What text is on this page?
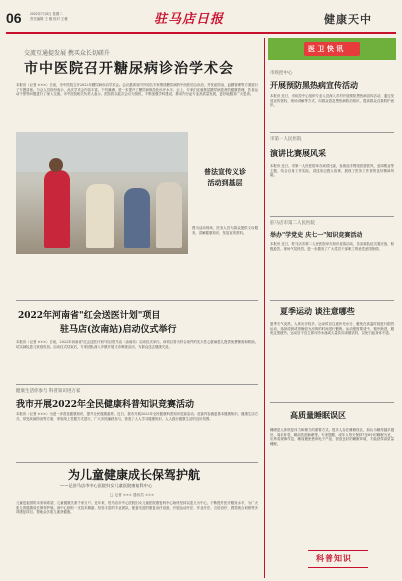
06 2022年7月5日 星期二
责任编辑 王 雅 校对 王雅	驻马店日报	健康天中
交流互通提发展 携买众长切磋升
市中医院召开糖尿病诊治学术会
本报讯（记者 ×××）日前，市中医院召开2022年糖尿病诊治学术会。会议邀请省内外知名专家围绕糖尿病的中西医结合诊治、并发症防治、血糖管理等方面进行了专题讲座。与会人员纷纷表示，此次学术会内容丰富，干货满满，进一步提升了糖尿病规范化诊疗水平。会上，专家们还就基层糖尿病患者的健康管理、饮食运动干预等问题进行了深入交流。市中医院相关负责人表示，医院将以此次会议为契机，不断加强学科建设，推动内分泌专业高质量发展，更好地服务广大患者。
普法宣传义诊
活动到基层
图为活动现场，医务人员为群众提供义诊服务，讲解健康知识，发放宣传资料。
2022年河南省"红会送医计划"项目
驻马店(汝南站)启动仪式举行
本报讯（记者 ×××）日前，2022年河南省"红会送医计划"项目驻马店（汝南站）启动仪式举行。该项目将为符合条件的先天性心脏病患儿提供免费筛查和救助，切实减轻患儿家庭负担。启动仪式结束后，专家团队深入乡镇开展义诊筛查活动，为群众送去健康关爱。
健康生活你参与 科普知识进万家
我市开展2022年全民健康科普知识竞赛活动
本报讯（记者 ×××）为进一步普及健康知识，提升全民健康素养，近日，我市开展2022年全民健康科普知识竞赛活动。竞赛内容涵盖基本健康知识、健康生活方式、常见疾病防治等方面，采取线上答题方式进行，广大市民踊跃参与，营造了人人学习健康知识、人人践行健康生活的良好氛围。
为儿童健康成长保驾护航
——记驻马店市中心医院妇女儿童医院康复科中心
□ 记者 ××× 通讯员 ×××
儿童是祖国的未来和希望，儿童健康关系千家万户。近年来，驻马店市中心医院妇女儿童医院康复科中心始终坚持以患儿为中心，不断提升医疗服务水平，为广大患儿的健康成长保驾护航。该中心拥有一支技术精湛、经验丰富的专业团队，配备先进的康复治疗设备，开展运动疗法、作业疗法、言语治疗、感觉统合训练等多项康复项目，帮助众多患儿重获健康。
医 卫 快 讯
市疾控中心
开展预防黑热病宣传活动
本报讯 近日，市疾控中心组织专业人员深入乡村开展预防黑热病宣传活动，通过发放宣传资料、现场讲解等方式，向群众普及黑热病防治知识，提高群众自我防护意识。
市第一人民医院
演讲比赛展风采
本报讯 近日，市第一人民医院举办演讲比赛，参赛选手围绕医德医风、爱岗敬业等主题，结合自身工作实际，讲述身边感人故事，展现了医务工作者的良好精神风貌。
驻马店市第二人民医院
举办"学党史 庆七一"知识竞赛活动
本报讯 近日，驻马店市第二人民医院举办知识竞赛活动，各参赛队伍沉着应战，积极抢答，现场气氛热烈，进一步激发了广大党员干部职工的爱党爱国热情。
夏季运动 谈注意哪些
夏季天气炎热，人体出汗较多，运动时应注意补充水分，避免在高温时段进行剧烈运动，选择清晨或傍晚较为凉爽的时间进行锻炼。运动强度要适中，循序渐进，避免过度疲劳。运动后不宜立即冲冷水澡或大量饮用冰镇饮料，以免引起身体不适。
高质量睡眠误区
睡眠是人体恢复体力和精力的重要方式。很多人存在睡眠误区，如认为睡得越多越好、周末补觉、睡前饮酒助眠等。专家提醒，成年人每天保持7至8小时睡眠为宜，应养成规律作息，睡前避免使用电子产品，营造良好的睡眠环境，才能获得高质量睡眠。
科普知识
